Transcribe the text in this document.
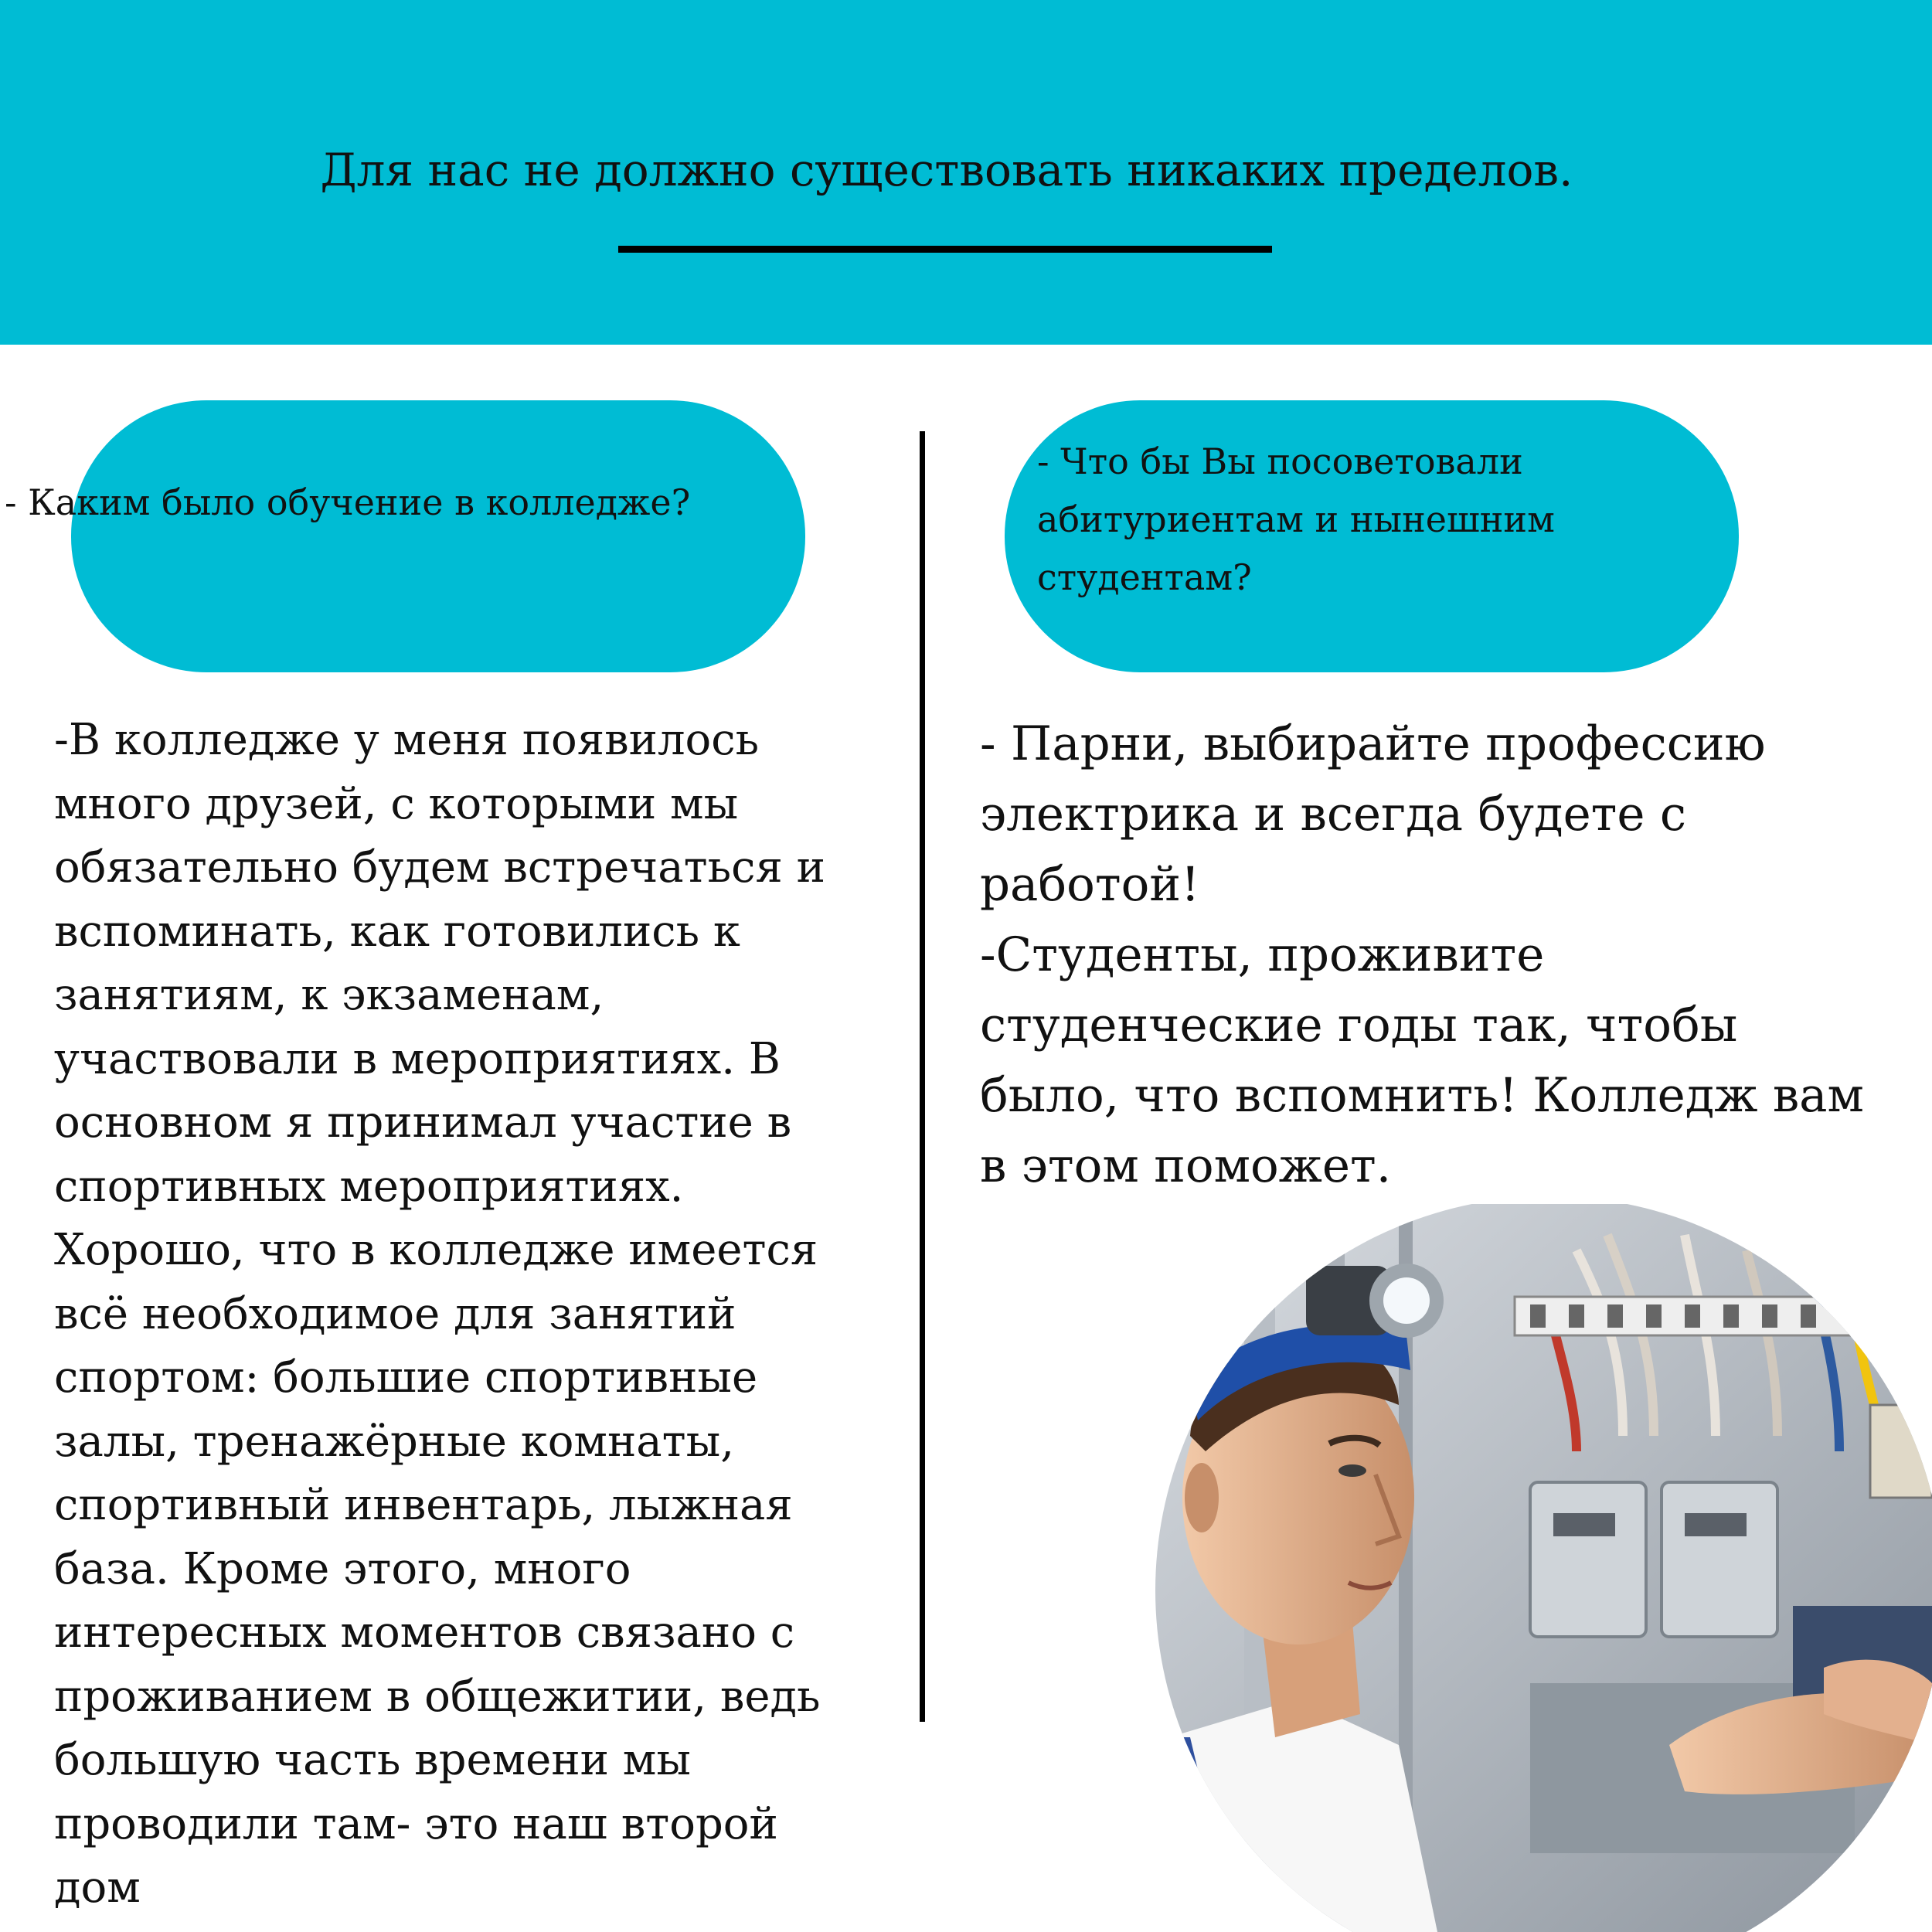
Для нас не должно существовать никаких пределов.
- Каким было обучение в колледже?
- Что бы Вы посоветовали абитуриентам и нынешним студентам?
-В колледже у меня появилось
много друзей, с которыми мы
обязательно будем встречаться и
вспоминать, как готовились к
занятиям, к экзаменам,
участвовали в мероприятиях. В
основном я принимал участие в
спортивных мероприятиях.
Хорошо, что в колледже имеется
всё необходимое для занятий
спортом: большие спортивные
залы, тренажёрные комнаты,
спортивный инвентарь, лыжная
база. Кроме этого, много
интересных моментов связано с
проживанием в общежитии, ведь
большую часть времени мы
проводили там- это наш второй
дом
- Парни, выбирайте профессию
электрика и всегда будете с
работой!
-Студенты, проживите
студенческие годы так, чтобы
было, что вспомнить! Колледж вам
в этом поможет.
